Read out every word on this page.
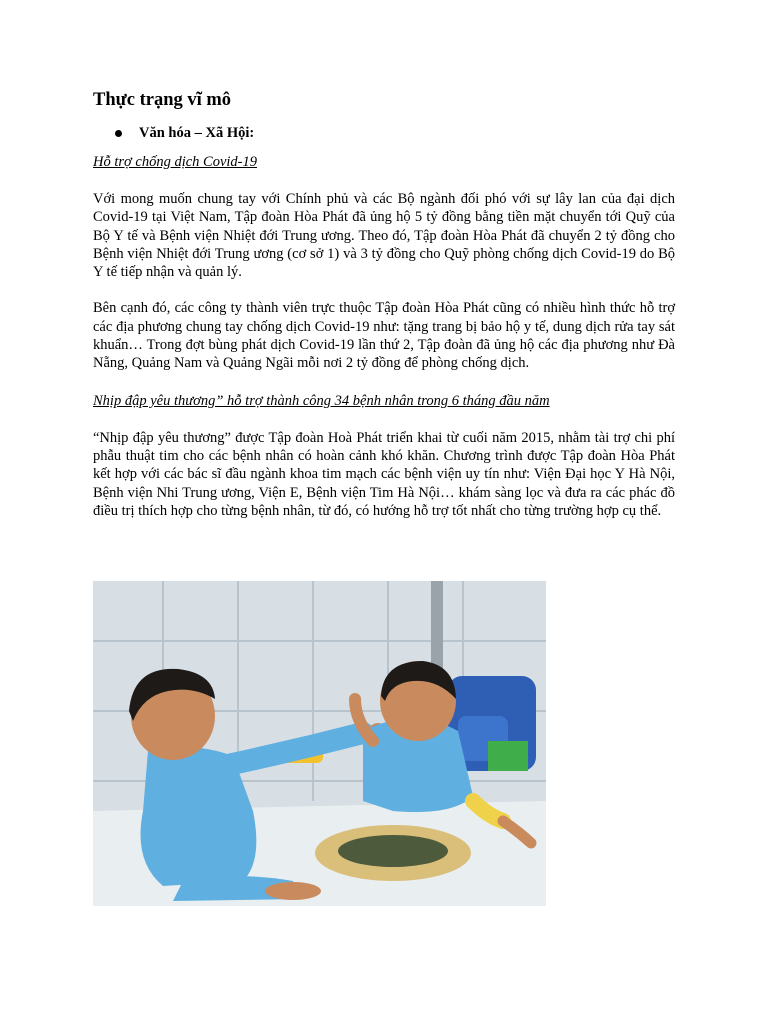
Thực trạng vĩ mô
Văn hóa – Xã Hội:
Hỗ trợ chống dịch Covid-19

Với mong muốn chung tay với Chính phủ và các Bộ ngành đối phó với sự lây lan của đại dịch Covid-19 tại Việt Nam, Tập đoàn Hòa Phát đã ủng hộ 5 tỷ đồng bằng tiền mặt chuyển tới Quỹ của Bộ Y tế và Bệnh viện Nhiệt đới Trung ương. Theo đó, Tập đoàn Hòa Phát đã chuyển 2 tỷ đồng cho Bệnh viện Nhiệt đới Trung ương (cơ sở 1) và 3 tỷ đồng cho Quỹ phòng chống dịch Covid-19 do Bộ Y tế tiếp nhận và quản lý.

Bên cạnh đó, các công ty thành viên trực thuộc Tập đoàn Hòa Phát cũng có nhiều hình thức hỗ trợ các địa phương chung tay chống dịch Covid-19 như: tặng trang bị bảo hộ y tế, dung dịch rửa tay sát khuẩn… Trong đợt bùng phát dịch Covid-19 lần thứ 2, Tập đoàn đã ủng hộ các địa phương như Đà Nẵng, Quảng Nam và Quảng Ngãi mỗi nơi 2 tỷ đồng để phòng chống dịch.

Nhịp đập yêu thương” hỗ trợ thành công 34 bệnh nhân trong 6 tháng đầu năm

“Nhịp đập yêu thương” được Tập đoàn Hoà Phát triển khai từ cuối năm 2015, nhằm tài trợ chi phí phẫu thuật tim cho các bệnh nhân có hoàn cảnh khó khăn. Chương trình được Tập đoàn Hòa Phát kết hợp với các bác sĩ đầu ngành khoa tim mạch các bệnh viện uy tín như: Viện Đại học Y Hà Nội, Bệnh viện Nhi Trung ương, Viện E, Bệnh viện Tim Hà Nội… khám sàng lọc và đưa ra các phác đồ điều trị thích hợp cho từng bệnh nhân, từ đó, có hướng hỗ trợ tốt nhất cho từng trường hợp cụ thể.
